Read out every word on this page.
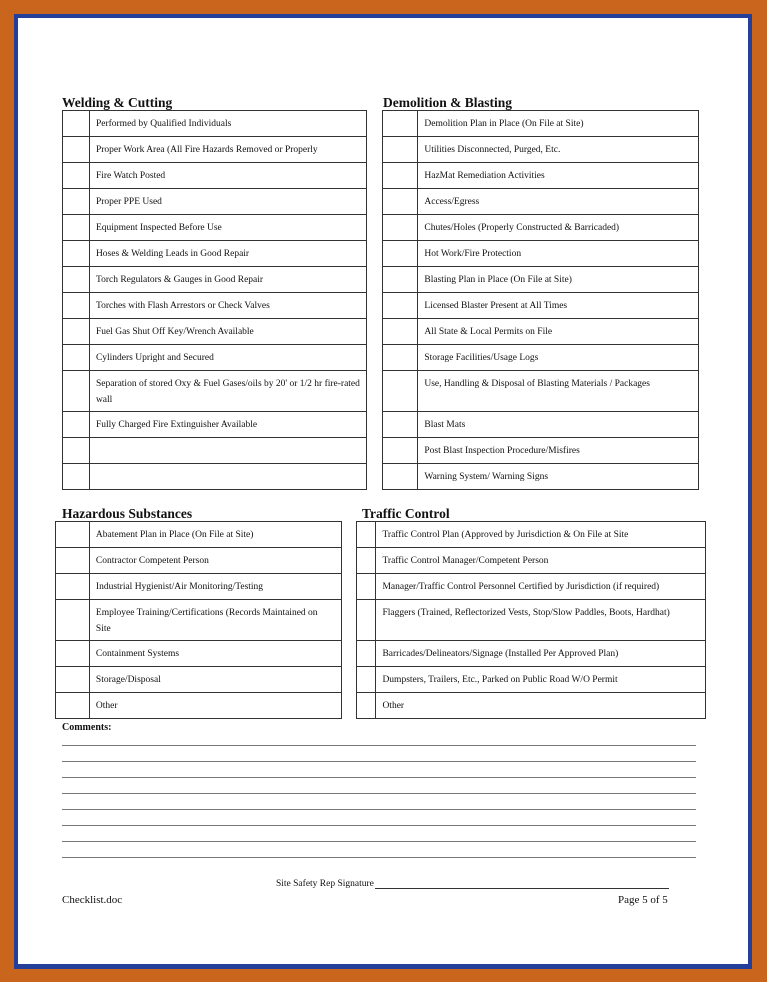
Welding & Cutting	Demolition & Blasting
	Performed by Qualified Individuals			Demolition Plan in Place (On File at Site)
	Proper Work Area (All Fire Hazards Removed or Properly			Utilities Disconnected, Purged, Etc.
	Fire Watch Posted			HazMat Remediation Activities
	Proper PPE Used			Access/Egress
	Equipment Inspected Before Use			Chutes/Holes (Properly Constructed & Barricaded)
	Hoses & Welding Leads in Good Repair			Hot Work/Fire Protection
	Torch Regulators & Gauges in Good Repair			Blasting Plan in Place (On File at Site)
	Torches with Flash Arrestors or Check Valves			Licensed Blaster Present at All Times
	Fuel Gas Shut Off Key/Wrench Available			All State & Local Permits on File
	Cylinders Upright and Secured			Storage Facilities/Usage Logs
	Separation of stored Oxy & Fuel Gases/oils by 20' or 1/2 hr fire-rated wall			Use, Handling & Disposal of Blasting Materials / Packages
	Fully Charged Fire Extinguisher Available			Blast Mats
				Post Blast Inspection Procedure/Misfires
				Warning System/ Warning Signs
Hazardous Substances	Traffic Control
	Abatement Plan in Place (On File at Site)			Traffic Control Plan (Approved by Jurisdiction & On File at Site
	Contractor Competent Person			Traffic Control Manager/Competent Person
	Industrial Hygienist/Air Monitoring/Testing			Manager/Traffic Control Personnel Certified by Jurisdiction (if required)
	Employee Training/Certifications (Records Maintained on Site			Flaggers (Trained, Reflectorized Vests, Stop/Slow Paddles, Boots, Hardhat)
	Containment Systems			Barricades/Delineators/Signage (Installed Per Approved Plan)
	Storage/Disposal			Dumpsters, Trailers, Etc., Parked on Public Road W/O Permit
	Other			Other
Comments:
Site Safety Rep Signature
Checklist.doc	Page 5 of 5
